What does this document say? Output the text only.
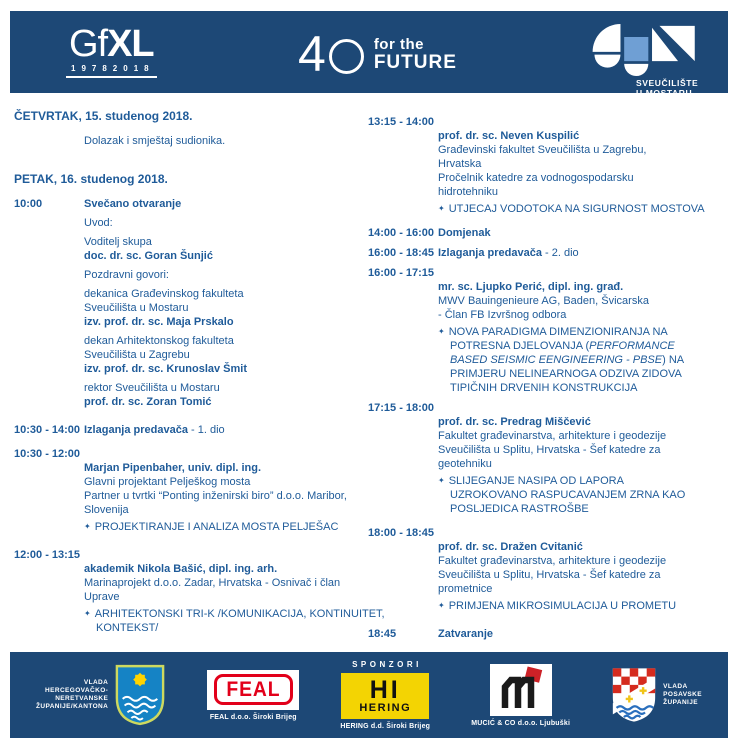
Gf XL
19782018	4	for the
FUTURE
SVEUČILIŠTE
U MOSTARU
ČETVRTAK, 15. studenog 2018.
Dolazak i smještaj sudionika.
PETAK, 16. studenog 2018.
10:00	Svečano otvaranje
Uvod:
Voditelj skupa
doc. dr. sc. Goran Šunjić
Pozdravni govori:
dekanica Građevinskog fakulteta
Sveučilišta u Mostaru
izv. prof. dr. sc. Maja Prskalo
dekan Arhitektonskog fakulteta
Sveučilišta u Zagrebu
izv. prof. dr. sc. Krunoslav Šmit
rektor Sveučilišta u Mostaru
prof. dr. sc. Zoran Tomić
10:30 - 14:00 Izlaganja predavača - 1. dio
10:30 - 12:00
Marjan Pipenbaher, univ. dipl. ing.
Glavni projektant Pelješkog mosta
Partner u tvrtki “Ponting inženirski biro” d.o.o. Maribor,
Slovenija
✦ PROJEKTIRANJE I ANALIZA MOSTA PELJEŠAC
12:00 - 13:15
akademik Nikola Bašić, dipl. ing. arh.
Marinaprojekt d.o.o. Zadar, Hrvatska - Osnivač i član
Uprave
✦ ARHITEKTONSKI TRI-K /KOMUNIKACIJA, KONTINUITET,
KONTEKST/
13:15 - 14:00
prof. dr. sc. Neven Kuspilić
Građevinski fakultet Sveučilišta u Zagrebu,
Hrvatska
Pročelnik katedre za vodnogospodarsku
hidrotehniku
✦ UTJECAJ VODOTOKA NA SIGURNOST MOSTOVA
14:00 - 16:00 Domjenak
16:00 - 18:45 Izlaganja predavača - 2. dio
16:00 - 17:15
mr. sc. Ljupko Perić, dipl. ing. građ.
MWV Bauingenieure AG, Baden, Švicarska
- Član FB Izvršnog odbora
✦ NOVA PARADIGMA DIMENZIONIRANJA NA
POTRESNA DJELOVANJA (PERFORMANCE
BASED SEISMIC EENGINEERING - PBSE) NA
PRIMJERU NELINEARNOGA ODZIVA ZIDOVA
TIPIČNIH DRVENIH KONSTRUKCIJA
17:15 - 18:00
prof. dr. sc. Predrag Miščević
Fakultet građevinarstva, arhitekture i geodezije
Sveučilišta u Splitu, Hrvatska - Šef katedre za
geotehniku
✦ SLIJEGANJE NASIPA OD LAPORA
UZROKOVANO RASPUCAVANJEM ZRNA KAO
POSLJEDICA RASTROŠBE
18:00 - 18:45
prof. dr. sc. Dražen Cvitanić
Fakultet građevinarstva, arhitekture i geodezije
Sveučilišta u Splitu, Hrvatska - Šef katedre za
prometnice
✦ PRIMJENA MIKROSIMULACIJA U PROMETU
18:45	Zatvaranje
VLADA
HERCEGOVAČKO-
NERETVANSKE
ŽUPANIJE/KANTONA
FEAL
FEAL d.o.o. Široki Brijeg
SPONZORI
HI
HERING
HERING d.d. Široki Brijeg	MUCIĆ & CO d.o.o. Ljubuški
VLADA
POSAVSKE
ŽUPANIJE
